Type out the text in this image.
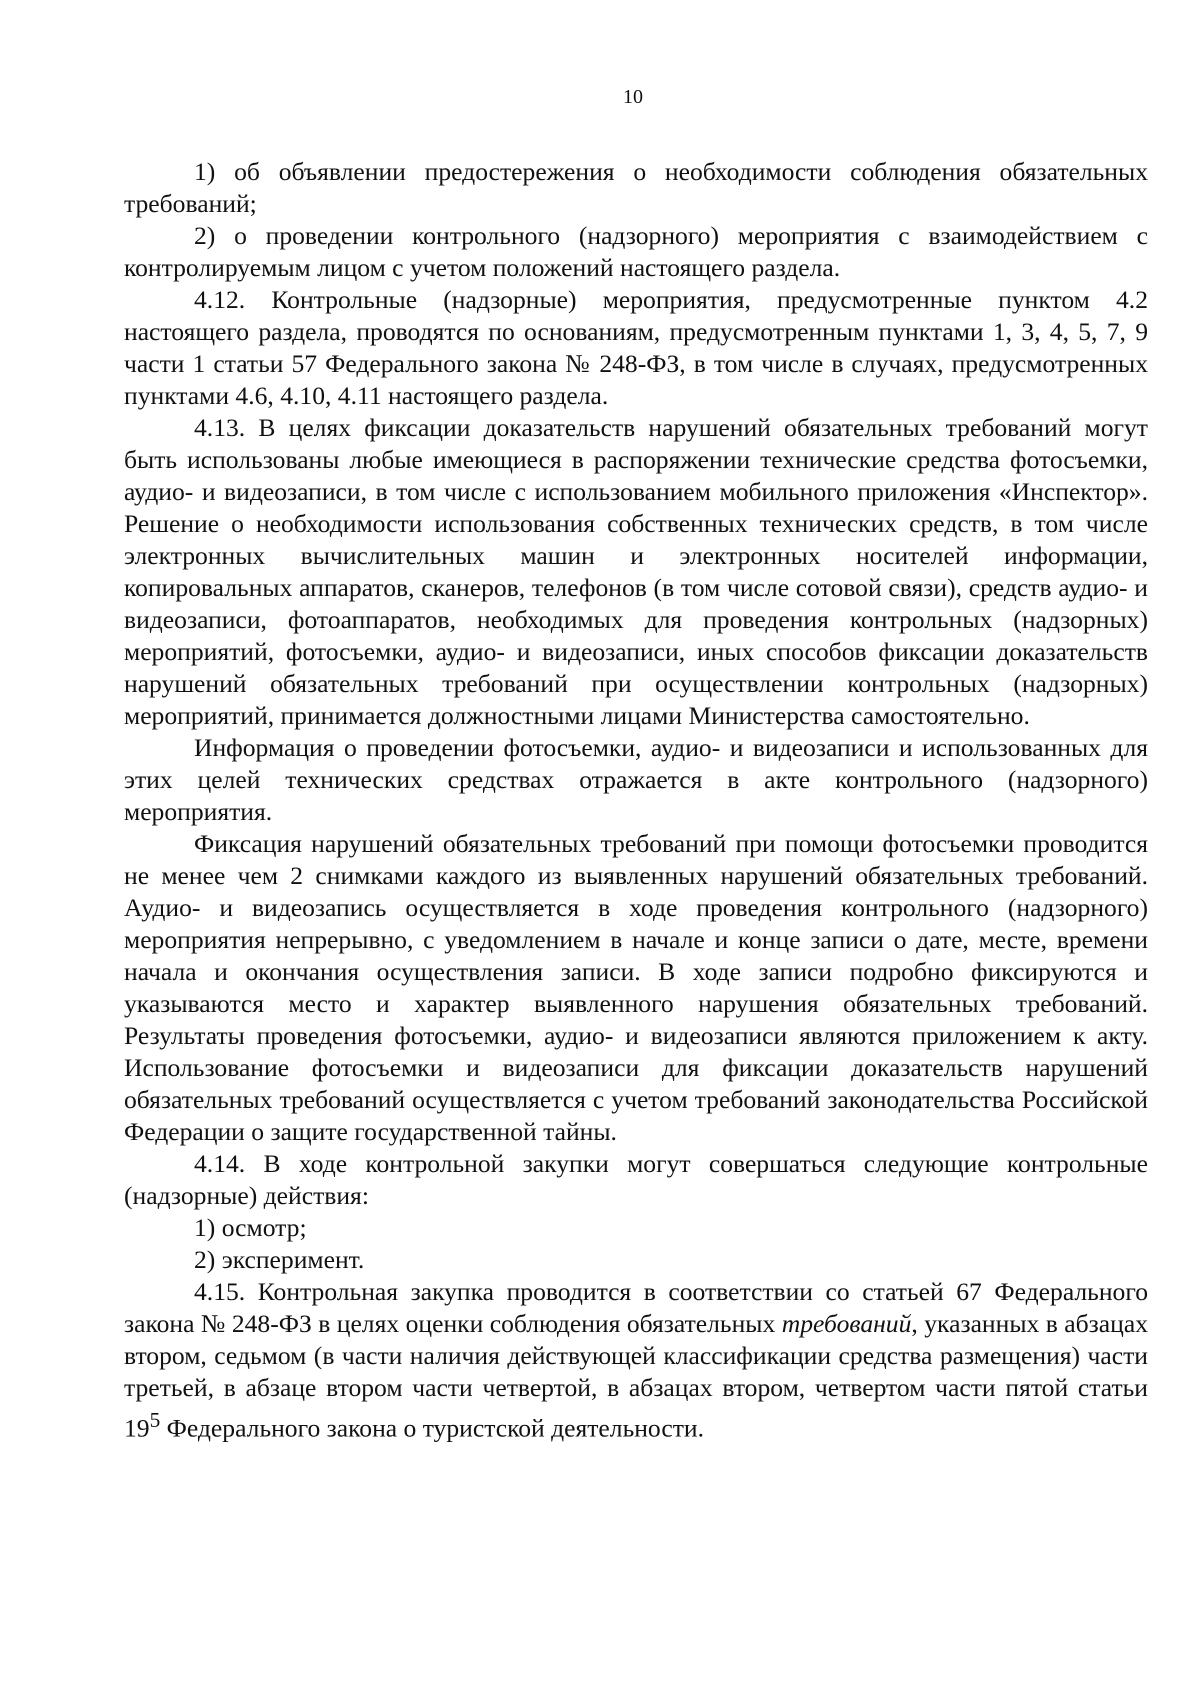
10

1) об объявлении предостережения о необходимости соблюдения обязательных требований;

2) о проведении контрольного (надзорного) мероприятия с взаимодействием с контролируемым лицом с учетом положений настоящего раздела.

4.12. Контрольные (надзорные) мероприятия, предусмотренные пунктом 4.2 настоящего раздела, проводятся по основаниям, предусмотренным пунктами 1, 3, 4, 5, 7, 9 части 1 статьи 57 Федерального закона № 248-ФЗ, в том числе в случаях, предусмотренных пунктами 4.6, 4.10, 4.11 настоящего раздела.

4.13. В целях фиксации доказательств нарушений обязательных требований могут быть использованы любые имеющиеся в распоряжении технические средства фотосъемки, аудио- и видеозаписи, в том числе с использованием мобильного приложения «Инспектор». Решение о необходимости использования собственных технических средств, в том числе электронных вычислительных машин и электронных носителей информации, копировальных аппаратов, сканеров, телефонов (в том числе сотовой связи), средств аудио- и видеозаписи, фотоаппаратов, необходимых для проведения контрольных (надзорных) мероприятий, фотосъемки, аудио- и видеозаписи, иных способов фиксации доказательств нарушений обязательных требований при осуществлении контрольных (надзорных) мероприятий, принимается должностными лицами Министерства самостоятельно.

Информация о проведении фотосъемки, аудио- и видеозаписи и использованных для этих целей технических средствах отражается в акте контрольного (надзорного) мероприятия.

Фиксация нарушений обязательных требований при помощи фотосъемки проводится не менее чем 2 снимками каждого из выявленных нарушений обязательных требований. Аудио- и видеозапись осуществляется в ходе проведения контрольного (надзорного) мероприятия непрерывно, с уведомлением в начале и конце записи о дате, месте, времени начала и окончания осуществления записи. В ходе записи подробно фиксируются и указываются место и характер выявленного нарушения обязательных требований. Результаты проведения фотосъемки, аудио- и видеозаписи являются приложением к акту. Использование фотосъемки и видеозаписи для фиксации доказательств нарушений обязательных требований осуществляется с учетом требований законодательства Российской Федерации о защите государственной тайны.

4.14. В ходе контрольной закупки могут совершаться следующие контрольные (надзорные) действия:

1) осмотр;

2) эксперимент.

4.15. Контрольная закупка проводится в соответствии со статьей 67 Федерального закона № 248-ФЗ в целях оценки соблюдения обязательных требований, указанных в абзацах втором, седьмом (в части наличия действующей классификации средства размещения) части третьей, в абзаце втором части четвертой, в абзацах втором, четвертом части пятой статьи $19^5$ Федерального закона о туристской деятельности.
